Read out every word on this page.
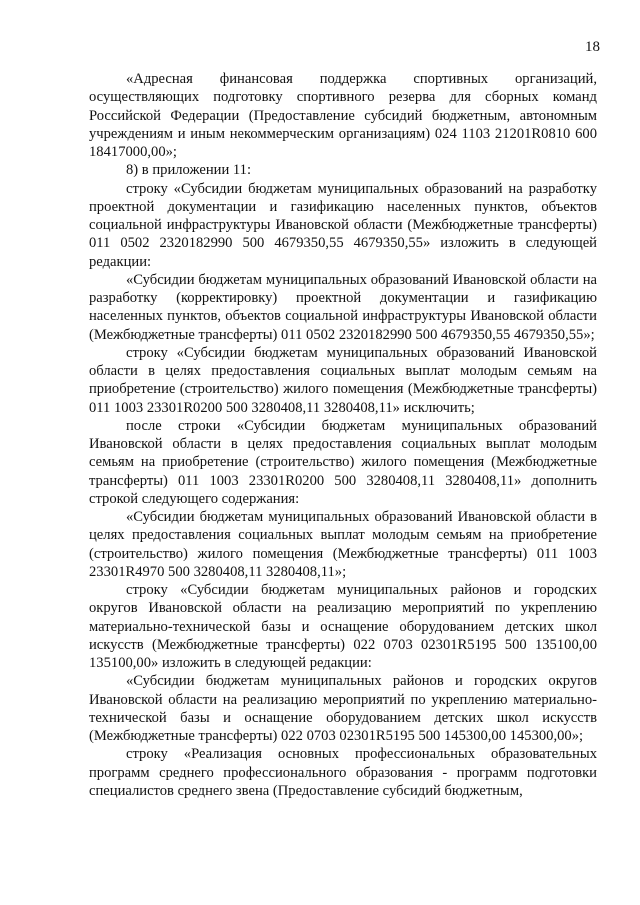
18

«Адресная финансовая поддержка спортивных организаций, осуществляющих подготовку спортивного резерва для сборных команд Российской Федерации (Предоставление субсидий бюджетным, автономным учреждениям и иным некоммерческим организациям) 024 1103 21201R0810 600 18417000,00»;

8) в приложении 11:

строку «Субсидии бюджетам муниципальных образований на разработку проектной документации и газификацию населенных пунктов, объектов социальной инфраструктуры Ивановской области (Межбюджетные трансферты) 011 0502 2320182990 500 4679350,55 4679350,55» изложить в следующей редакции:

«Субсидии бюджетам муниципальных образований Ивановской области на разработку (корректировку) проектной документации и газификацию населенных пунктов, объектов социальной инфраструктуры Ивановской области (Межбюджетные трансферты) 011 0502 2320182990 500 4679350,55 4679350,55»;

строку «Субсидии бюджетам муниципальных образований Ивановской области в целях предоставления социальных выплат молодым семьям на приобретение (строительство) жилого помещения (Межбюджетные трансферты) 011 1003 23301R0200 500 3280408,11 3280408,11» исключить;

после строки «Субсидии бюджетам муниципальных образований Ивановской области в целях предоставления социальных выплат молодым семьям на приобретение (строительство) жилого помещения (Межбюджетные трансферты) 011 1003 23301R0200 500 3280408,11 3280408,11» дополнить строкой следующего содержания:

«Субсидии бюджетам муниципальных образований Ивановской области в целях предоставления социальных выплат молодым семьям на приобретение (строительство) жилого помещения (Межбюджетные трансферты) 011 1003 23301R4970 500 3280408,11 3280408,11»;

строку «Субсидии бюджетам муниципальных районов и городских округов Ивановской области на реализацию мероприятий по укреплению материально-технической базы и оснащение оборудованием детских школ искусств (Межбюджетные трансферты) 022 0703 02301R5195 500 135100,00 135100,00» изложить в следующей редакции:

«Субсидии бюджетам муниципальных районов и городских округов Ивановской области на реализацию мероприятий по укреплению материально-технической базы и оснащение оборудованием детских школ искусств (Межбюджетные трансферты) 022 0703 02301R5195 500 145300,00 145300,00»;

строку «Реализация основных профессиональных образовательных программ среднего профессионального образования - программ подготовки специалистов среднего звена (Предоставление субсидий бюджетным,
